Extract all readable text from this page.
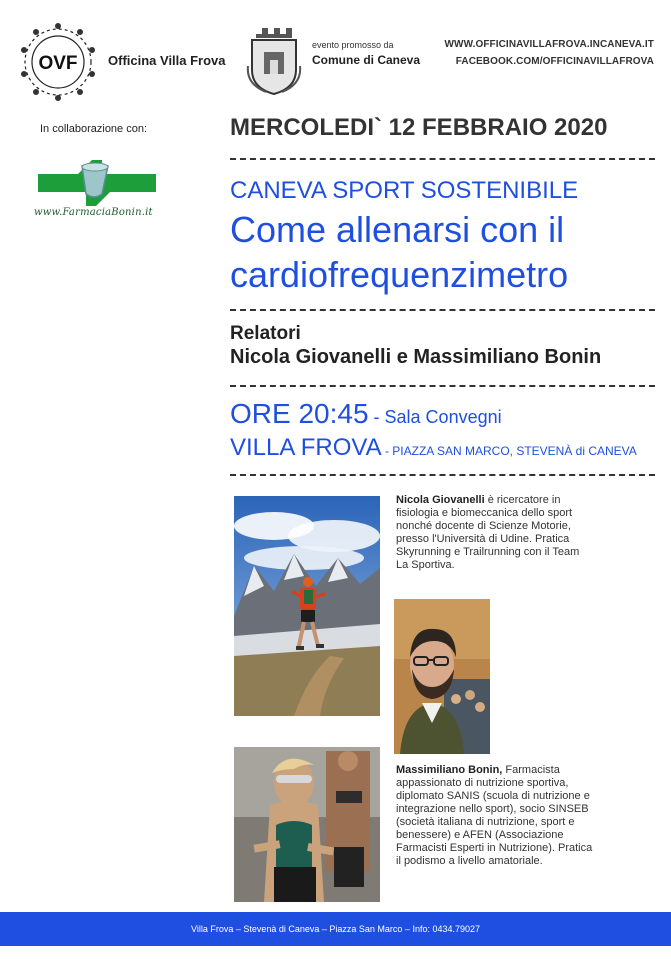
OVF Officina Villa Frova
evento promosso da
Comune di Caneva
WWW.OFFICINAVILLAFROVA.INCANEVA.IT
FACEBOOK.COM/OFFICINAVILLAFROVA
In collaborazione con:
www.FarmaciaBonin.it
MERCOLEDI` 12 FEBBRAIO 2020
CANEVA SPORT SOSTENIBILE
Come allenarsi con il
cardiofrequenzimetro
Relatori
Nicola Giovanelli e Massimiliano Bonin
ORE 20:45 - Sala Convegni
VILLA FROVA - PIAZZA SAN MARCO, STEVENÀ di CANEVA
Nicola Giovanelli è ricercatore in fisiologia e biomeccanica dello sport nonché docente di Scienze Motorie, presso l'Università di Udine. Pratica Skyrunning e Trailrunning con il Team La Sportiva.
Massimiliano Bonin, Farmacista appassionato di nutrizione sportiva, diplomato SANIS (scuola di nutrizione e integrazione nello sport), socio SINSEB (società italiana di nutrizione, sport e benessere) e AFEN (Associazione Farmacisti Esperti in Nutrizione). Pratica il podismo a livello amatoriale.
Villa Frova – Stevenà di Caneva – Piazza San Marco – Info: 0434.79027
